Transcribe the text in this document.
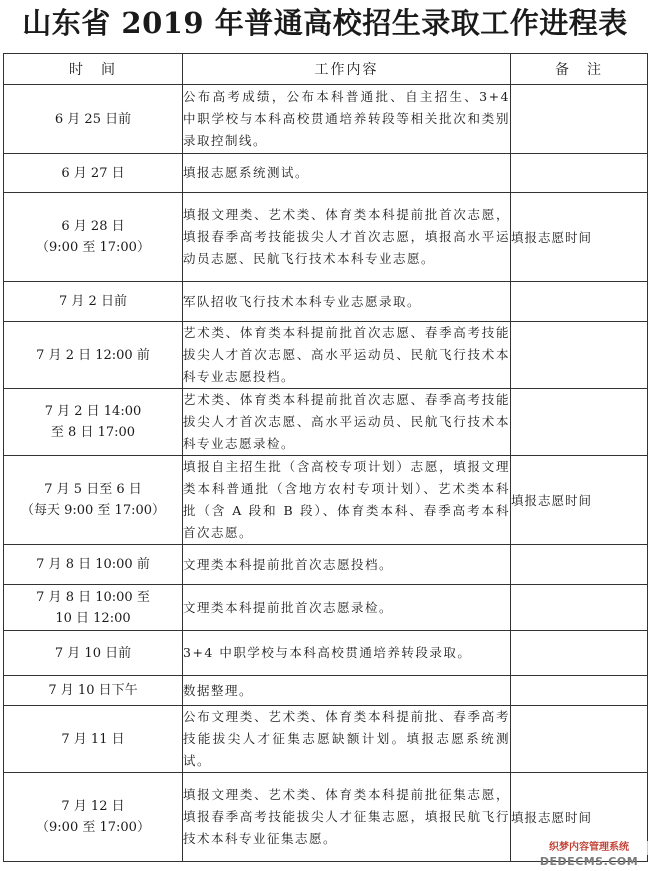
山东省 2019 年普通高校招生录取工作进程表
时　间	工作内容	备　注

6 月 25 日前	公布高考成绩，公布本科普通批、自主招生、3+4 中职学校与本科高校贯通培养转段等相关批次和类别录取控制线。	

6 月 27 日	填报志愿系统测试。	

6 月 28 日
（9:00 至 17:00）	填报文理类、艺术类、体育类本科提前批首次志愿，填报春季高考技能拔尖人才首次志愿，填报高水平运动员志愿、民航飞行技术本科专业志愿。	填报志愿时间

7 月 2 日前	军队招收飞行技术本科专业志愿录取。	

7 月 2 日 12:00 前	艺术类、体育类本科提前批首次志愿、春季高考技能拔尖人才首次志愿、高水平运动员、民航飞行技术本科专业志愿投档。	

7 月 2 日 14:00
至 8 日 17:00	艺术类、体育类本科提前批首次志愿、春季高考技能拔尖人才首次志愿、高水平运动员、民航飞行技术本科专业志愿录检。	

7 月 5 日至 6 日
（每天 9:00 至 17:00）	填报自主招生批（含高校专项计划）志愿，填报文理类本科普通批（含地方农村专项计划）、艺术类本科批（含 A 段和 B 段）、体育类本科、春季高考本科首次志愿。	填报志愿时间

7 月 8 日 10:00 前	文理类本科提前批首次志愿投档。	

7 月 8 日 10:00 至
10 日 12:00	文理类本科提前批首次志愿录检。	

7 月 10 日前	3+4 中职学校与本科高校贯通培养转段录取。	

7 月 10 日下午	数据整理。	

7 月 11 日	公布文理类、艺术类、体育类本科提前批、春季高考技能拔尖人才征集志愿缺额计划。填报志愿系统测试。	

7 月 12 日
（9:00 至 17:00）	填报文理类、艺术类、体育类本科提前批征集志愿，填报春季高考技能拔尖人才征集志愿，填报民航飞行技术本科专业征集志愿。	填报志愿时间
织梦内容管理系统
DEDECMS.COM
